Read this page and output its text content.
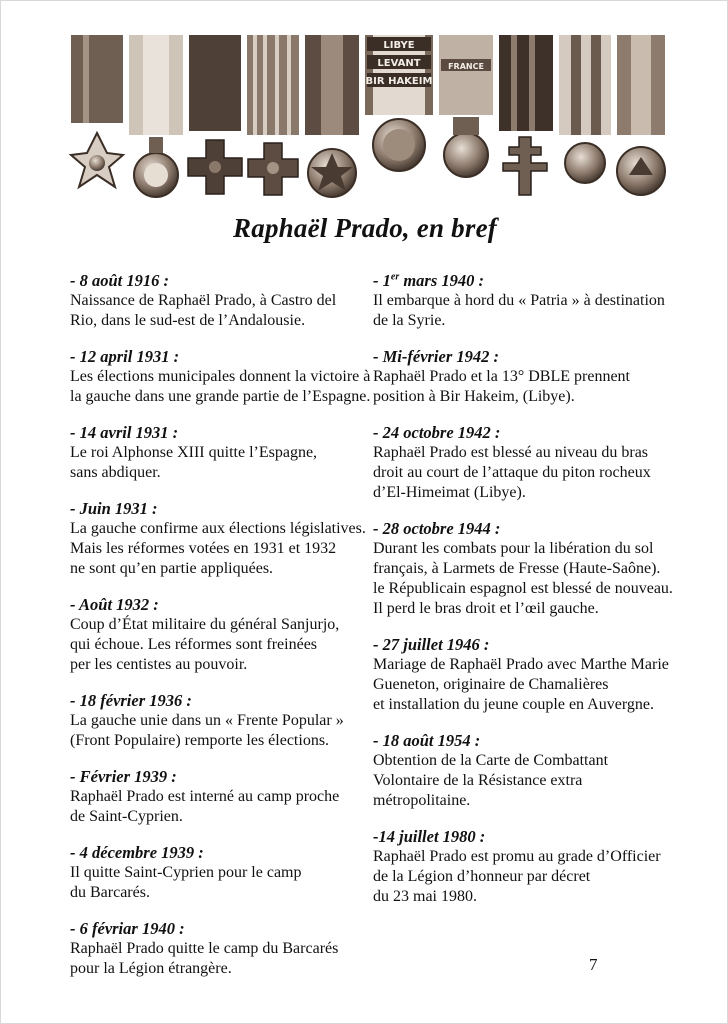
LIBYE
LEVANT
BIR HAKEIM
FRANCE
Raphaël Prado, en bref
- 8 août 1916 :
Naissance de Raphaël Prado, à Castro del
Rio, dans le sud-est de l’Andalousie.
- 12 april 1931 :
Les élections municipales donnent la victoire à
la gauche dans une grande partie de l’Espagne.
- 14 avril 1931 :
Le roi Alphonse XIII quitte l’Espagne,
sans abdiquer.
- Juin 1931 :
La gauche confirme aux élections législatives.
Mais les réformes votées en 1931 et 1932
ne sont qu’en partie appliquées.
- Août 1932 :
Coup d’État militaire du général Sanjurjo,
qui échoue. Les réformes sont freinées
per les centistes au pouvoir.
- 18 février 1936 :
La gauche unie dans un « Frente Popular »
(Front Populaire) remporte les élections.
- Février 1939 :
Raphaël Prado est interné au camp proche
de Saint-Cyprien.
- 4 décembre 1939 :
Il quitte Saint-Cyprien pour le camp
du Barcarés.
- 6 févriar 1940 :
Raphaël Prado quitte le camp du Barcarés
pour la Légion étrangère.
- 1er mars 1940 :
Il embarque à hord du « Patria » à destination
de la Syrie.
- Mi-février 1942 :
Raphaël Prado et la 13° DBLE prennent
position à Bir Hakeim, (Libye).
- 24 octobre 1942 :
Raphaël Prado est blessé au niveau du bras
droit au court de l’attaque du piton rocheux
d’El-Himeimat (Libye).
- 28 octobre 1944 :
Durant les combats pour la libération du sol
français, à Larmets de Fresse (Haute-Saône).
le Républicain espagnol est blessé de nouveau.
Il perd le bras droit et l’œil gauche.
- 27 juillet 1946 :
Mariage de Raphaël Prado avec Marthe Marie
Gueneton, originaire de Chamalières
et installation du jeune couple en Auvergne.
- 18 août 1954 :
Obtention de la Carte de Combattant
Volontaire de la Résistance extra
métropolitaine.
-14 juillet 1980 :
Raphaël Prado est promu au grade d’Officier
de la Légion d’honneur par décret
du 23 mai 1980.
7
